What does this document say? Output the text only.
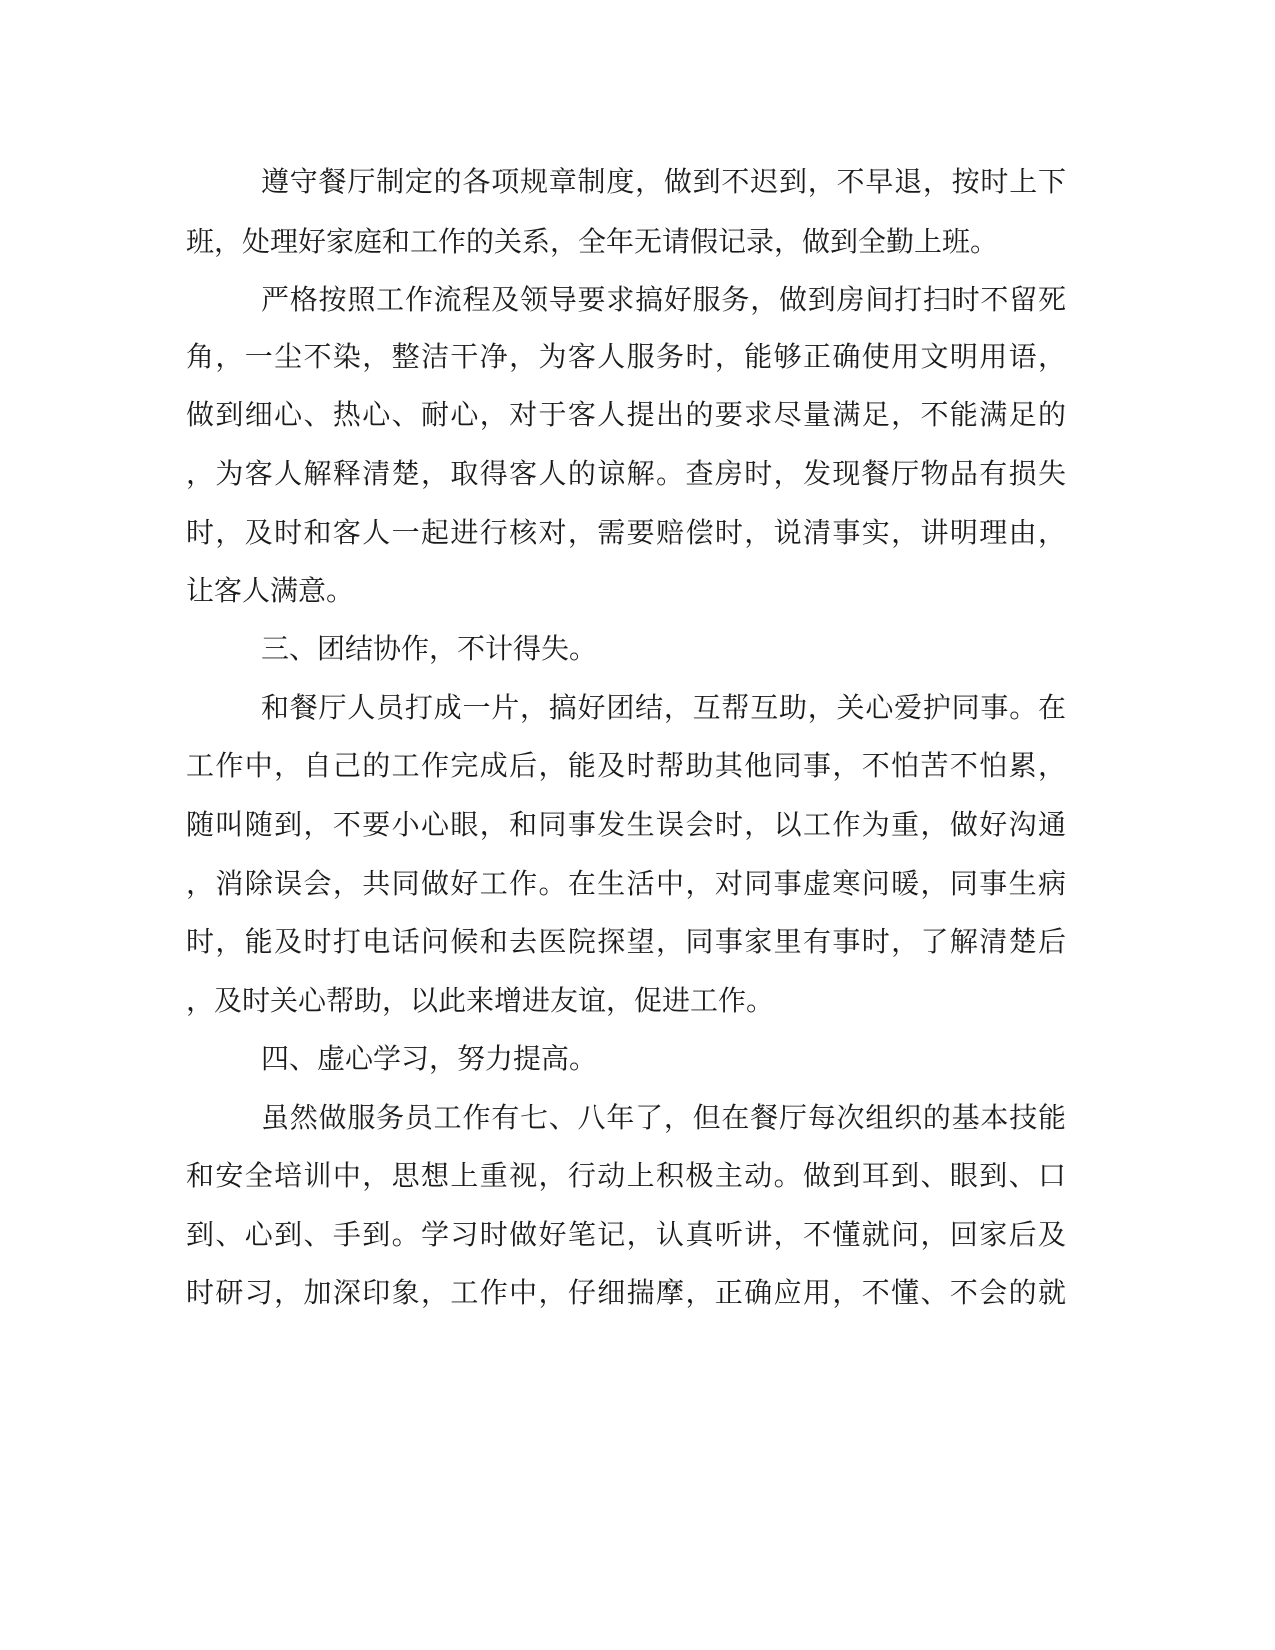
遵守餐厅制定的各项规章制度，做到不迟到，不早退，按时上下
班，处理好家庭和工作的关系，全年无请假记录，做到全勤上班。
严格按照工作流程及领导要求搞好服务，做到房间打扫时不留死
角，一尘不染，整洁干净，为客人服务时，能够正确使用文明用语，
做到细心、热心、耐心，对于客人提出的要求尽量满足，不能满足的
，为客人解释清楚，取得客人的谅解。查房时，发现餐厅物品有损失
时，及时和客人一起进行核对，需要赔偿时，说清事实，讲明理由，
让客人满意。
三、团结协作，不计得失。
和餐厅人员打成一片，搞好团结，互帮互助，关心爱护同事。在
工作中，自己的工作完成后，能及时帮助其他同事，不怕苦不怕累，
随叫随到，不要小心眼，和同事发生误会时，以工作为重，做好沟通
，消除误会，共同做好工作。在生活中，对同事虚寒问暖，同事生病
时，能及时打电话问候和去医院探望，同事家里有事时，了解清楚后
，及时关心帮助，以此来增进友谊，促进工作。
四、虚心学习，努力提高。
虽然做服务员工作有七、八年了，但在餐厅每次组织的基本技能
和安全培训中，思想上重视，行动上积极主动。做到耳到、眼到、口
到、心到、手到。学习时做好笔记，认真听讲，不懂就问，回家后及
时研习，加深印象，工作中，仔细揣摩，正确应用，不懂、不会的就
